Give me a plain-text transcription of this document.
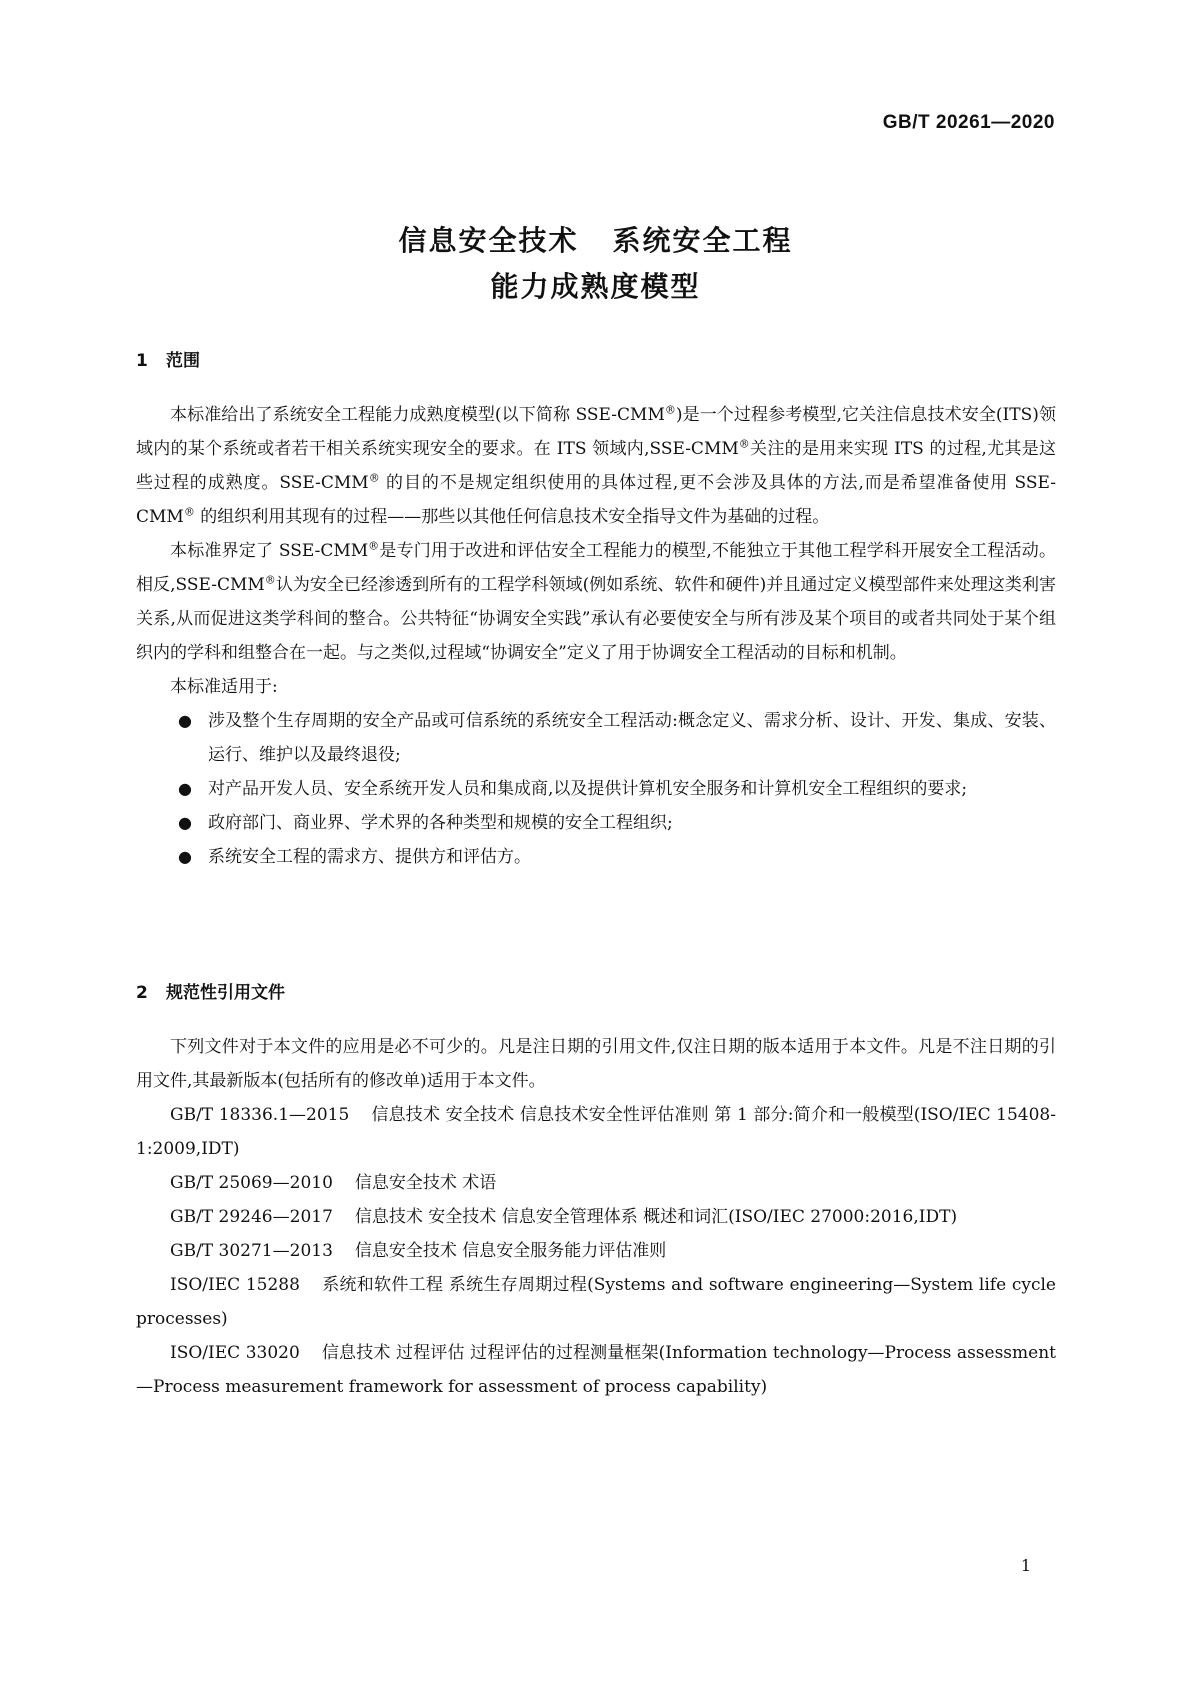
GB/T 20261—2020
信息安全技术 系统安全工程
能力成熟度模型
1 范围

本标准给出了系统安全工程能力成熟度模型(以下简称 SSE-CMM®)是一个过程参考模型,它关注信息技术安全(ITS)领域内的某个系统或者若干相关系统实现安全的要求。在 ITS 领域内,SSE-CMM®关注的是用来实现 ITS 的过程,尤其是这些过程的成熟度。SSE-CMM® 的目的不是规定组织使用的具体过程,更不会涉及具体的方法,而是希望准备使用 SSE-CMM® 的组织利用其现有的过程——那些以其他任何信息技术安全指导文件为基础的过程。

本标准界定了 SSE-CMM®是专门用于改进和评估安全工程能力的模型,不能独立于其他工程学科开展安全工程活动。相反,SSE-CMM®认为安全已经渗透到所有的工程学科领域(例如系统、软件和硬件)并且通过定义模型部件来处理这类利害关系,从而促进这类学科间的整合。公共特征“协调安全实践”承认有必要使安全与所有涉及某个项目的或者共同处于某个组织内的学科和组整合在一起。与之类似,过程域“协调安全”定义了用于协调安全工程活动的目标和机制。

本标准适用于:

● 涉及整个生存周期的安全产品或可信系统的系统安全工程活动:概念定义、需求分析、设计、开发、集成、安装、运行、维护以及最终退役;
● 对产品开发人员、安全系统开发人员和集成商,以及提供计算机安全服务和计算机安全工程组织的要求;
● 政府部门、商业界、学术界的各种类型和规模的安全工程组织;
● 系统安全工程的需求方、提供方和评估方。
2 规范性引用文件

下列文件对于本文件的应用是必不可少的。凡是注日期的引用文件,仅注日期的版本适用于本文件。凡是不注日期的引用文件,其最新版本(包括所有的修改单)适用于本文件。

GB/T 18336.1—2015 信息技术 安全技术 信息技术安全性评估准则 第 1 部分:简介和一般模型(ISO/IEC 15408-1:2009,IDT)

GB/T 25069—2010 信息安全技术 术语

GB/T 29246—2017 信息技术 安全技术 信息安全管理体系 概述和词汇(ISO/IEC 27000:2016,IDT)

GB/T 30271—2013 信息安全技术 信息安全服务能力评估准则

ISO/IEC 15288 系统和软件工程 系统生存周期过程(Systems and software engineering—System life cycle processes)

ISO/IEC 33020 信息技术 过程评估 过程评估的过程测量框架(Information technology—Process assessment—Process measurement framework for assessment of process capability)

1
